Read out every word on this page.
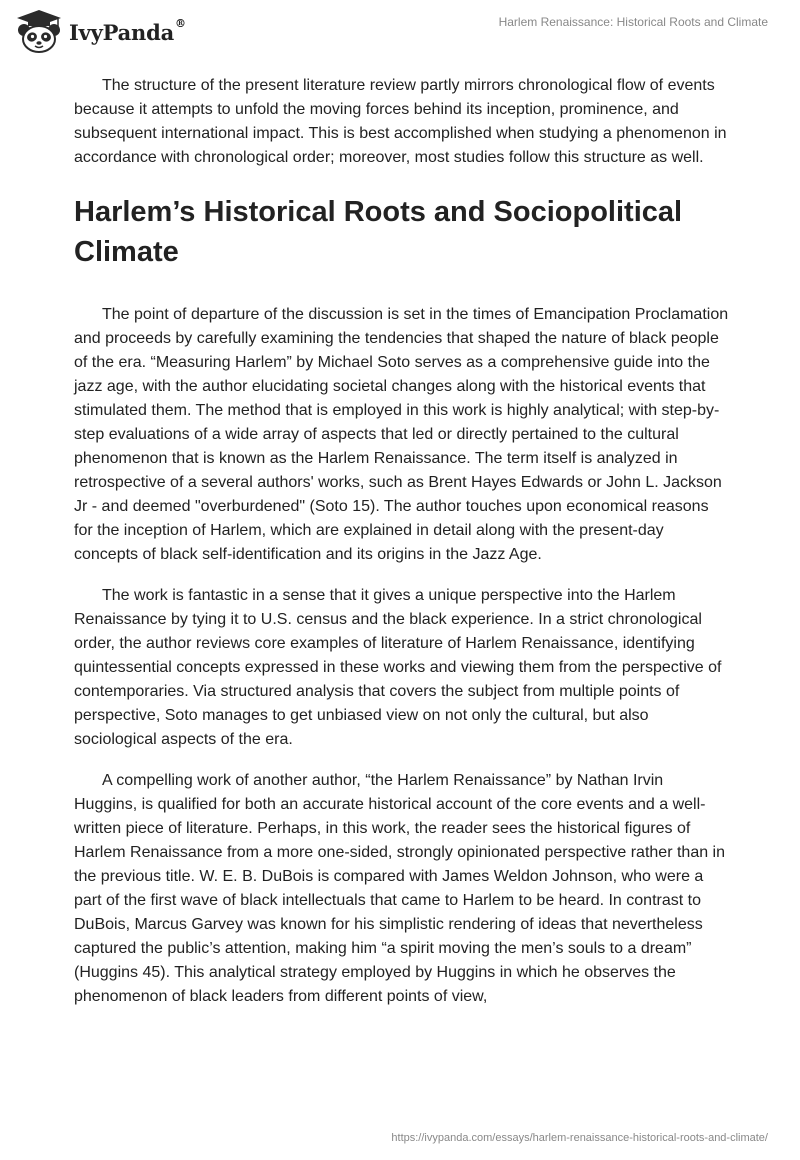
IvyPanda®	Harlem Renaissance: Historical Roots and Climate

The structure of the present literature review partly mirrors chronological flow of events because it attempts to unfold the moving forces behind its inception, prominence, and subsequent international impact. This is best accomplished when studying a phenomenon in accordance with chronological order; moreover, most studies follow this structure as well.

Harlem’s Historical Roots and Sociopolitical Climate

The point of departure of the discussion is set in the times of Emancipation Proclamation and proceeds by carefully examining the tendencies that shaped the nature of black people of the era. “Measuring Harlem” by Michael Soto serves as a comprehensive guide into the jazz age, with the author elucidating societal changes along with the historical events that stimulated them. The method that is employed in this work is highly analytical; with step-by-step evaluations of a wide array of aspects that led or directly pertained to the cultural phenomenon that is known as the Harlem Renaissance. The term itself is analyzed in retrospective of a several authors' works, such as Brent Hayes Edwards or John L. Jackson Jr - and deemed "overburdened" (Soto 15). The author touches upon economical reasons for the inception of Harlem, which are explained in detail along with the present-day concepts of black self-identification and its origins in the Jazz Age.

The work is fantastic in a sense that it gives a unique perspective into the Harlem Renaissance by tying it to U.S. census and the black experience. In a strict chronological order, the author reviews core examples of literature of Harlem Renaissance, identifying quintessential concepts expressed in these works and viewing them from the perspective of contemporaries. Via structured analysis that covers the subject from multiple points of perspective, Soto manages to get unbiased view on not only the cultural, but also sociological aspects of the era.

A compelling work of another author, “the Harlem Renaissance” by Nathan Irvin Huggins, is qualified for both an accurate historical account of the core events and a well-written piece of literature. Perhaps, in this work, the reader sees the historical figures of Harlem Renaissance from a more one-sided, strongly opinionated perspective rather than in the previous title. W. E. B. DuBois is compared with James Weldon Johnson, who were a part of the first wave of black intellectuals that came to Harlem to be heard. In contrast to DuBois, Marcus Garvey was known for his simplistic rendering of ideas that nevertheless captured the public’s attention, making him “a spirit moving the men’s souls to a dream” (Huggins 45). This analytical strategy employed by Huggins in which he observes the phenomenon of black leaders from different points of view,

https://ivypanda.com/essays/harlem-renaissance-historical-roots-and-climate/
